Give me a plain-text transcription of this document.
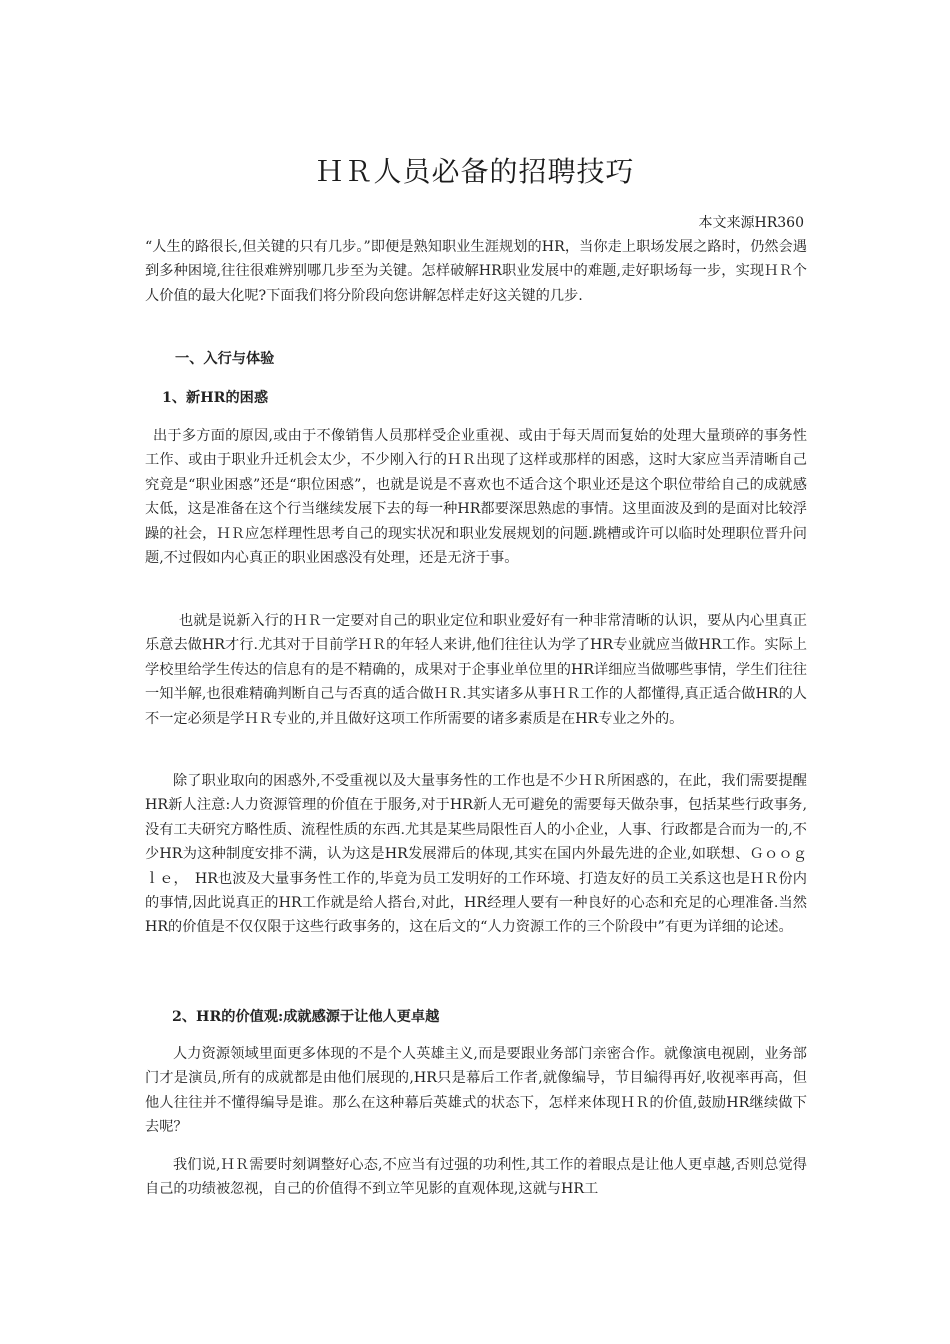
ＨＲ人员必备的招聘技巧
本文来源HR360

“人生的路很长,但关键的只有几步。”即便是熟知职业生涯规划的HR，当你走上职场发展之路时，仍然会遇到多种困境,往往很难辨别哪几步至为关键。怎样破解HR职业发展中的难题,走好职场每一步，实现ＨＲ个人价值的最大化呢?下面我们将分阶段向您讲解怎样走好这关键的几步.

一、入行与体验
1、新HR的困惑

出于多方面的原因,或由于不像销售人员那样受企业重视、或由于每天周而复始的处理大量琐碎的事务性工作、或由于职业升迁机会太少，不少刚入行的ＨＲ出现了这样或那样的困惑，这时大家应当弄清晰自己究竟是“职业困惑”还是“职位困惑”，也就是说是不喜欢也不适合这个职业还是这个职位带给自己的成就感太低，这是准备在这个行当继续发展下去的每一种HR都要深思熟虑的事情。这里面波及到的是面对比较浮躁的社会，ＨＲ应怎样理性思考自己的现实状况和职业发展规划的问题.跳槽或许可以临时处理职位晋升问题,不过假如内心真正的职业困惑没有处理，还是无济于事。

也就是说新入行的ＨＲ一定要对自己的职业定位和职业爱好有一种非常清晰的认识，要从内心里真正乐意去做HR才行.尤其对于目前学ＨＲ的年轻人来讲,他们往往认为学了HR专业就应当做HR工作。实际上学校里给学生传达的信息有的是不精确的，成果对于企事业单位里的HR详细应当做哪些事情，学生们往往一知半解,也很难精确判断自己与否真的适合做ＨＲ.其实诸多从事ＨＲ工作的人都懂得,真正适合做HR的人不一定必须是学ＨＲ专业的,并且做好这项工作所需要的诸多素质是在HR专业之外的。

除了职业取向的困惑外,不受重视以及大量事务性的工作也是不少ＨＲ所困惑的，在此，我们需要提醒HR新人注意:人力资源管理的价值在于服务,对于HR新人无可避免的需要每天做杂事，包括某些行政事务,没有工夫研究方略性质、流程性质的东西.尤其是某些局限性百人的小企业，人事、行政都是合而为一的,不少HR为这种制度安排不满，认为这是HR发展滞后的体现,其实在国内外最先进的企业,如联想、Ｇｏｏｇｌｅ，　HR也波及大量事务性工作的,毕竟为员工发明好的工作环境、打造友好的员工关系这也是ＨＲ份内的事情,因此说真正的HR工作就是给人搭台,对此，HR经理人要有一种良好的心态和充足的心理准备.当然HR的价值是不仅仅限于这些行政事务的，这在后文的“人力资源工作的三个阶段中”有更为详细的论述。

2、HR的价值观:成就感源于让他人更卓越

人力资源领域里面更多体现的不是个人英雄主义,而是要跟业务部门亲密合作。就像演电视剧，业务部门才是演员,所有的成就都是由他们展现的,HR只是幕后工作者,就像编导，节目编得再好,收视率再高，但他人往往并不懂得编导是谁。那么在这种幕后英雄式的状态下，怎样来体现ＨＲ的价值,鼓励HR继续做下去呢？

我们说,ＨＲ需要时刻调整好心态,不应当有过强的功利性,其工作的着眼点是让他人更卓越,否则总觉得自己的功绩被忽视，自己的价值得不到立竿见影的直观体现,这就与HR工
